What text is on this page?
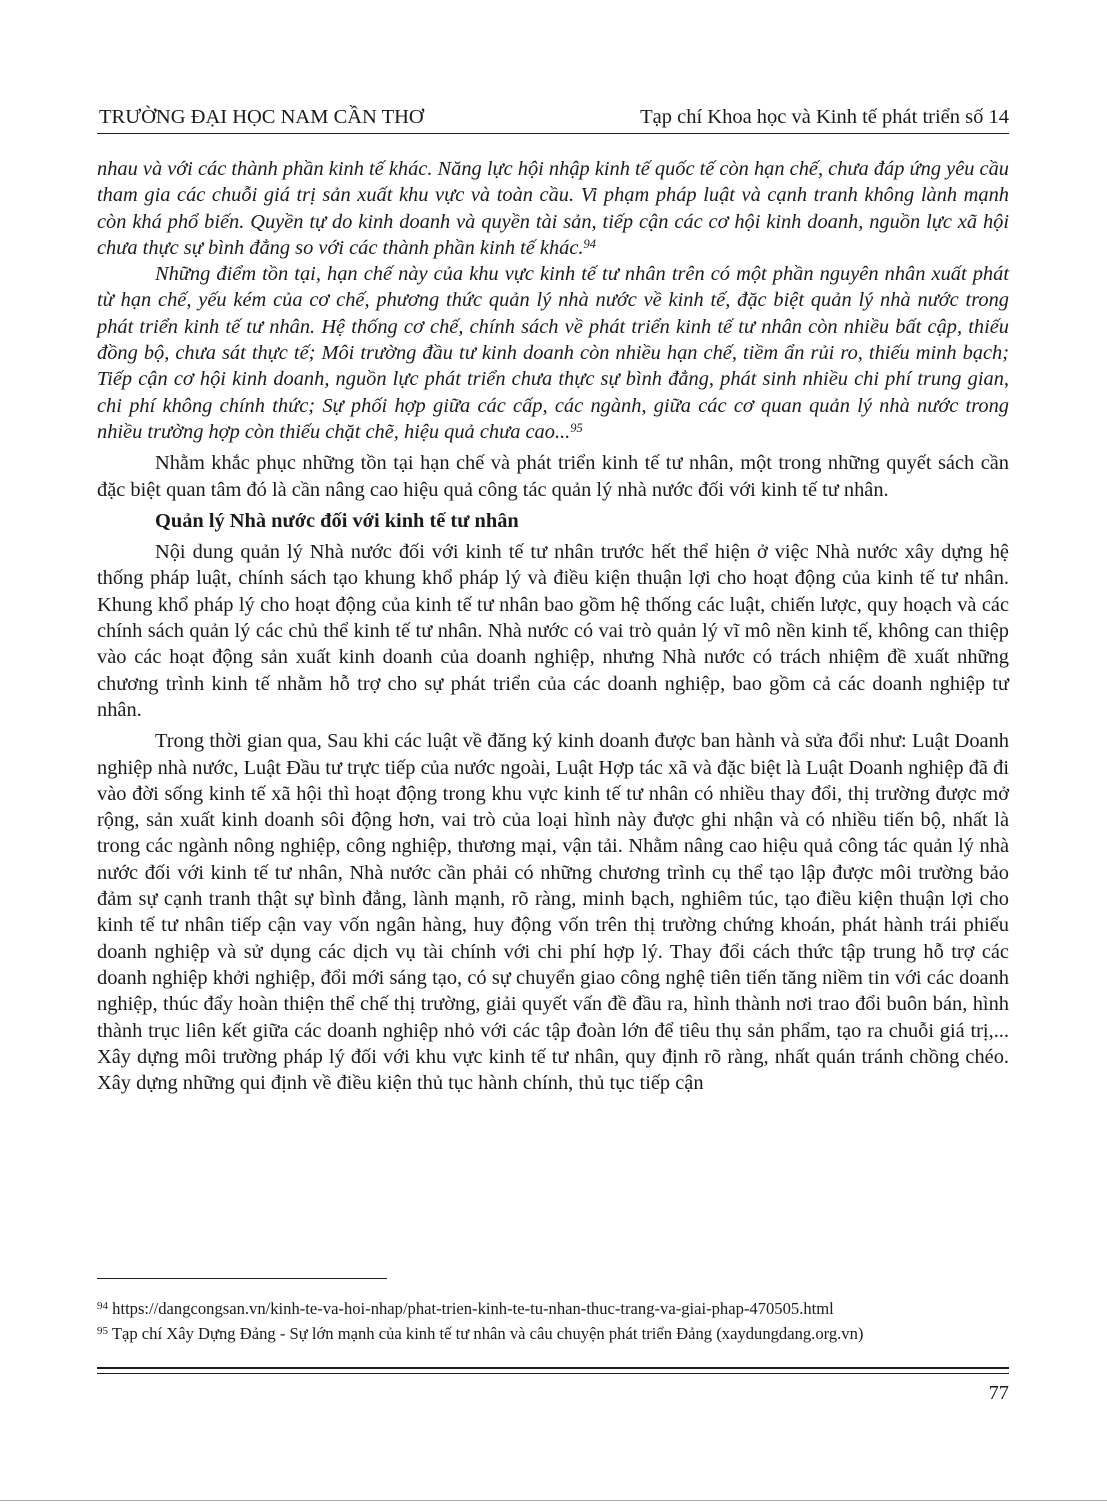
TRƯỜNG ĐẠI HỌC NAM CẦN THƠ	Tạp chí Khoa học và Kinh tế phát triển số 14

nhau và với các thành phần kinh tế khác. Năng lực hội nhập kinh tế quốc tế còn hạn chế, chưa đáp ứng yêu cầu tham gia các chuỗi giá trị sản xuất khu vực và toàn cầu. Vi phạm pháp luật và cạnh tranh không lành mạnh còn khá phổ biến. Quyền tự do kinh doanh và quyền tài sản, tiếp cận các cơ hội kinh doanh, nguồn lực xã hội chưa thực sự bình đẳng so với các thành phần kinh tế khác.$^{94}$

Những điểm tồn tại, hạn chế này của khu vực kinh tế tư nhân trên có một phần nguyên nhân xuất phát từ hạn chế, yếu kém của cơ chế, phương thức quản lý nhà nước về kinh tế, đặc biệt quản lý nhà nước trong phát triển kinh tế tư nhân. Hệ thống cơ chế, chính sách về phát triển kinh tế tư nhân còn nhiều bất cập, thiếu đồng bộ, chưa sát thực tế; Môi trường đầu tư kinh doanh còn nhiều hạn chế, tiềm ẩn rủi ro, thiếu minh bạch; Tiếp cận cơ hội kinh doanh, nguồn lực phát triển chưa thực sự bình đẳng, phát sinh nhiều chi phí trung gian, chi phí không chính thức; Sự phối hợp giữa các cấp, các ngành, giữa các cơ quan quản lý nhà nước trong nhiều trường hợp còn thiếu chặt chẽ, hiệu quả chưa cao...$^{95}$

Nhằm khắc phục những tồn tại hạn chế và phát triển kinh tế tư nhân, một trong những quyết sách cần đặc biệt quan tâm đó là cần nâng cao hiệu quả công tác quản lý nhà nước đối với kinh tế tư nhân.

Quản lý Nhà nước đối với kinh tế tư nhân

Nội dung quản lý Nhà nước đối với kinh tế tư nhân trước hết thể hiện ở việc Nhà nước xây dựng hệ thống pháp luật, chính sách tạo khung khổ pháp lý và điều kiện thuận lợi cho hoạt động của kinh tế tư nhân. Khung khổ pháp lý cho hoạt động của kinh tế tư nhân bao gồm hệ thống các luật, chiến lược, quy hoạch và các chính sách quản lý các chủ thể kinh tế tư nhân. Nhà nước có vai trò quản lý vĩ mô nền kinh tế, không can thiệp vào các hoạt động sản xuất kinh doanh của doanh nghiệp, nhưng Nhà nước có trách nhiệm đề xuất những chương trình kinh tế nhằm hỗ trợ cho sự phát triển của các doanh nghiệp, bao gồm cả các doanh nghiệp tư nhân.

Trong thời gian qua, Sau khi các luật về đăng ký kinh doanh được ban hành và sửa đổi như: Luật Doanh nghiệp nhà nước, Luật Đầu tư trực tiếp của nước ngoài, Luật Hợp tác xã và đặc biệt là Luật Doanh nghiệp đã đi vào đời sống kinh tế xã hội thì hoạt động trong khu vực kinh tế tư nhân có nhiều thay đổi, thị trường được mở rộng, sản xuất kinh doanh sôi động hơn, vai trò của loại hình này được ghi nhận và có nhiều tiến bộ, nhất là trong các ngành nông nghiệp, công nghiệp, thương mại, vận tải. Nhằm nâng cao hiệu quả công tác quản lý nhà nước đối với kinh tế tư nhân, Nhà nước cần phải có những chương trình cụ thể tạo lập được môi trường bảo đảm sự cạnh tranh thật sự bình đẳng, lành mạnh, rõ ràng, minh bạch, nghiêm túc, tạo điều kiện thuận lợi cho kinh tế tư nhân tiếp cận vay vốn ngân hàng, huy động vốn trên thị trường chứng khoán, phát hành trái phiếu doanh nghiệp và sử dụng các dịch vụ tài chính với chi phí hợp lý. Thay đổi cách thức tập trung hỗ trợ các doanh nghiệp khởi nghiệp, đổi mới sáng tạo, có sự chuyển giao công nghệ tiên tiến tăng niềm tin với các doanh nghiệp, thúc đẩy hoàn thiện thể chế thị trường, giải quyết vấn đề đầu ra, hình thành nơi trao đổi buôn bán, hình thành trục liên kết giữa các doanh nghiệp nhỏ với các tập đoàn lớn để tiêu thụ sản phẩm, tạo ra chuỗi giá trị,... Xây dựng môi trường pháp lý đối với khu vực kinh tế tư nhân, quy định rõ ràng, nhất quán tránh chồng chéo. Xây dựng những qui định về điều kiện thủ tục hành chính, thủ tục tiếp cận

$^{94}$ https://dangcongsan.vn/kinh-te-va-hoi-nhap/phat-trien-kinh-te-tu-nhan-thuc-trang-va-giai-phap-470505.html

$^{95}$ Tạp chí Xây Dựng Đảng - Sự lớn mạnh của kinh tế tư nhân và câu chuyện phát triển Đảng (xaydungdang.org.vn)

77
